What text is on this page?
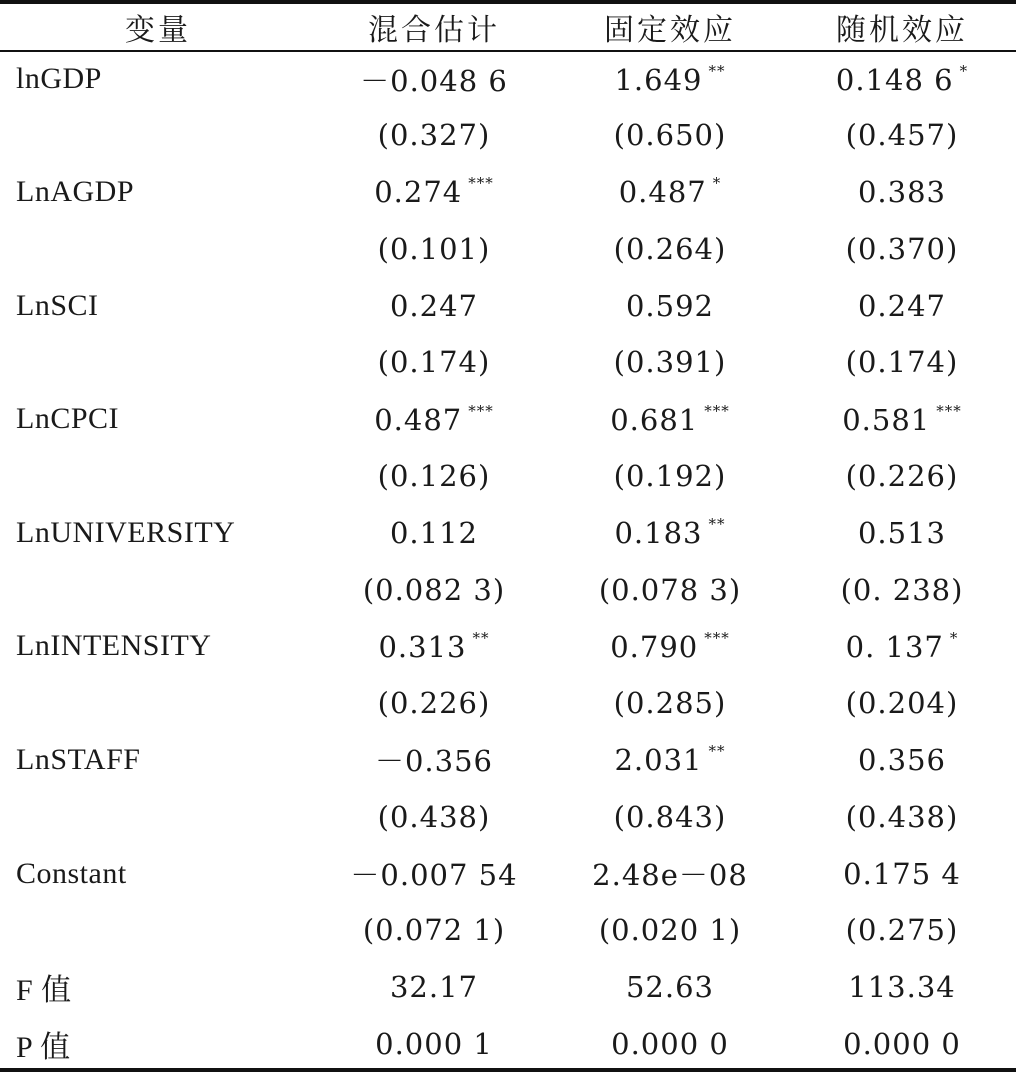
变量	混合估计	固定效应	随机效应
lnGDP	－0.048 6	1.649 **	0.148 6 *
	(0.327)	(0.650)	(0.457)
LnAGDP	0.274 ***	0.487 *	0.383
	(0.101)	(0.264)	(0.370)
LnSCI	0.247	0.592	0.247
	(0.174)	(0.391)	(0.174)
LnCPCI	0.487 ***	0.681 ***	0.581 ***
	(0.126)	(0.192)	(0.226)
LnUNIVERSITY	0.112	0.183 **	0.513
	(0.082 3)	(0.078 3)	(0. 238)
LnINTENSITY	0.313 **	0.790 ***	0. 137 *
	(0.226)	(0.285)	(0.204)
LnSTAFF	－0.356	2.031 **	0.356
	(0.438)	(0.843)	(0.438)
Constant	－0.007 54	2.48e－08	0.175 4
	(0.072 1)	(0.020 1)	(0.275)
F 值	32.17	52.63	113.34
P 值	0.000 1	0.000 0	0.000 0
